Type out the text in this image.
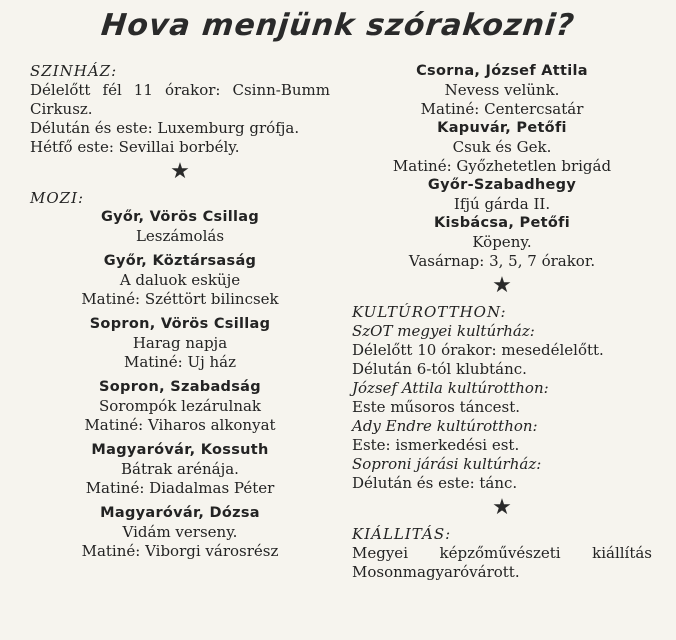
Hova menjünk szórakozni?

SZINHÁZ:

Délelőtt fél 11 órakor: Csinn-Bumm Cirkusz.

Délután és este: Luxemburg grófja.

Hétfő este: Sevillai borbély.

★

MOZI:

Győr, Vörös Csillag

Leszámolás

Győr, Köztársaság

A daluok esküje

Matiné: Széttört bilincsek

Sopron, Vörös Csillag

Harag napja

Matiné: Uj ház

Sopron, Szabadság

Sorompók lezárulnak

Matiné: Viharos alkonyat

Magyaróvár, Kossuth

Bátrak arénája.

Matiné: Diadalmas Péter

Magyaróvár, Dózsa

Vidám verseny.

Matiné: Viborgi városrész

Csorna, József Attila

Nevess velünk.

Matiné: Centercsatár

Kapuvár, Petőfi

Csuk és Gek.

Matiné: Győzhetetlen brigád

Győr-Szabadhegy

Ifjú gárda II.

Kisbácsa, Petőfi

Köpeny.

Vasárnap: 3, 5, 7 órakor.

★

KULTÚROTTHON:

SzOT megyei kultúrház:

Délelőtt 10 órakor: mesedélelőtt.

Délután 6-tól klubtánc.

József Attila kultúrotthon:

Este műsoros táncest.

Ady Endre kultúrotthon:

Este: ismerkedési est.

Soproni járási kultúrház:

Délután és este: tánc.

★

KIÁLLITÁS:

Megyei képzőművészeti kiállítás Mosonmagyaróvárott.
